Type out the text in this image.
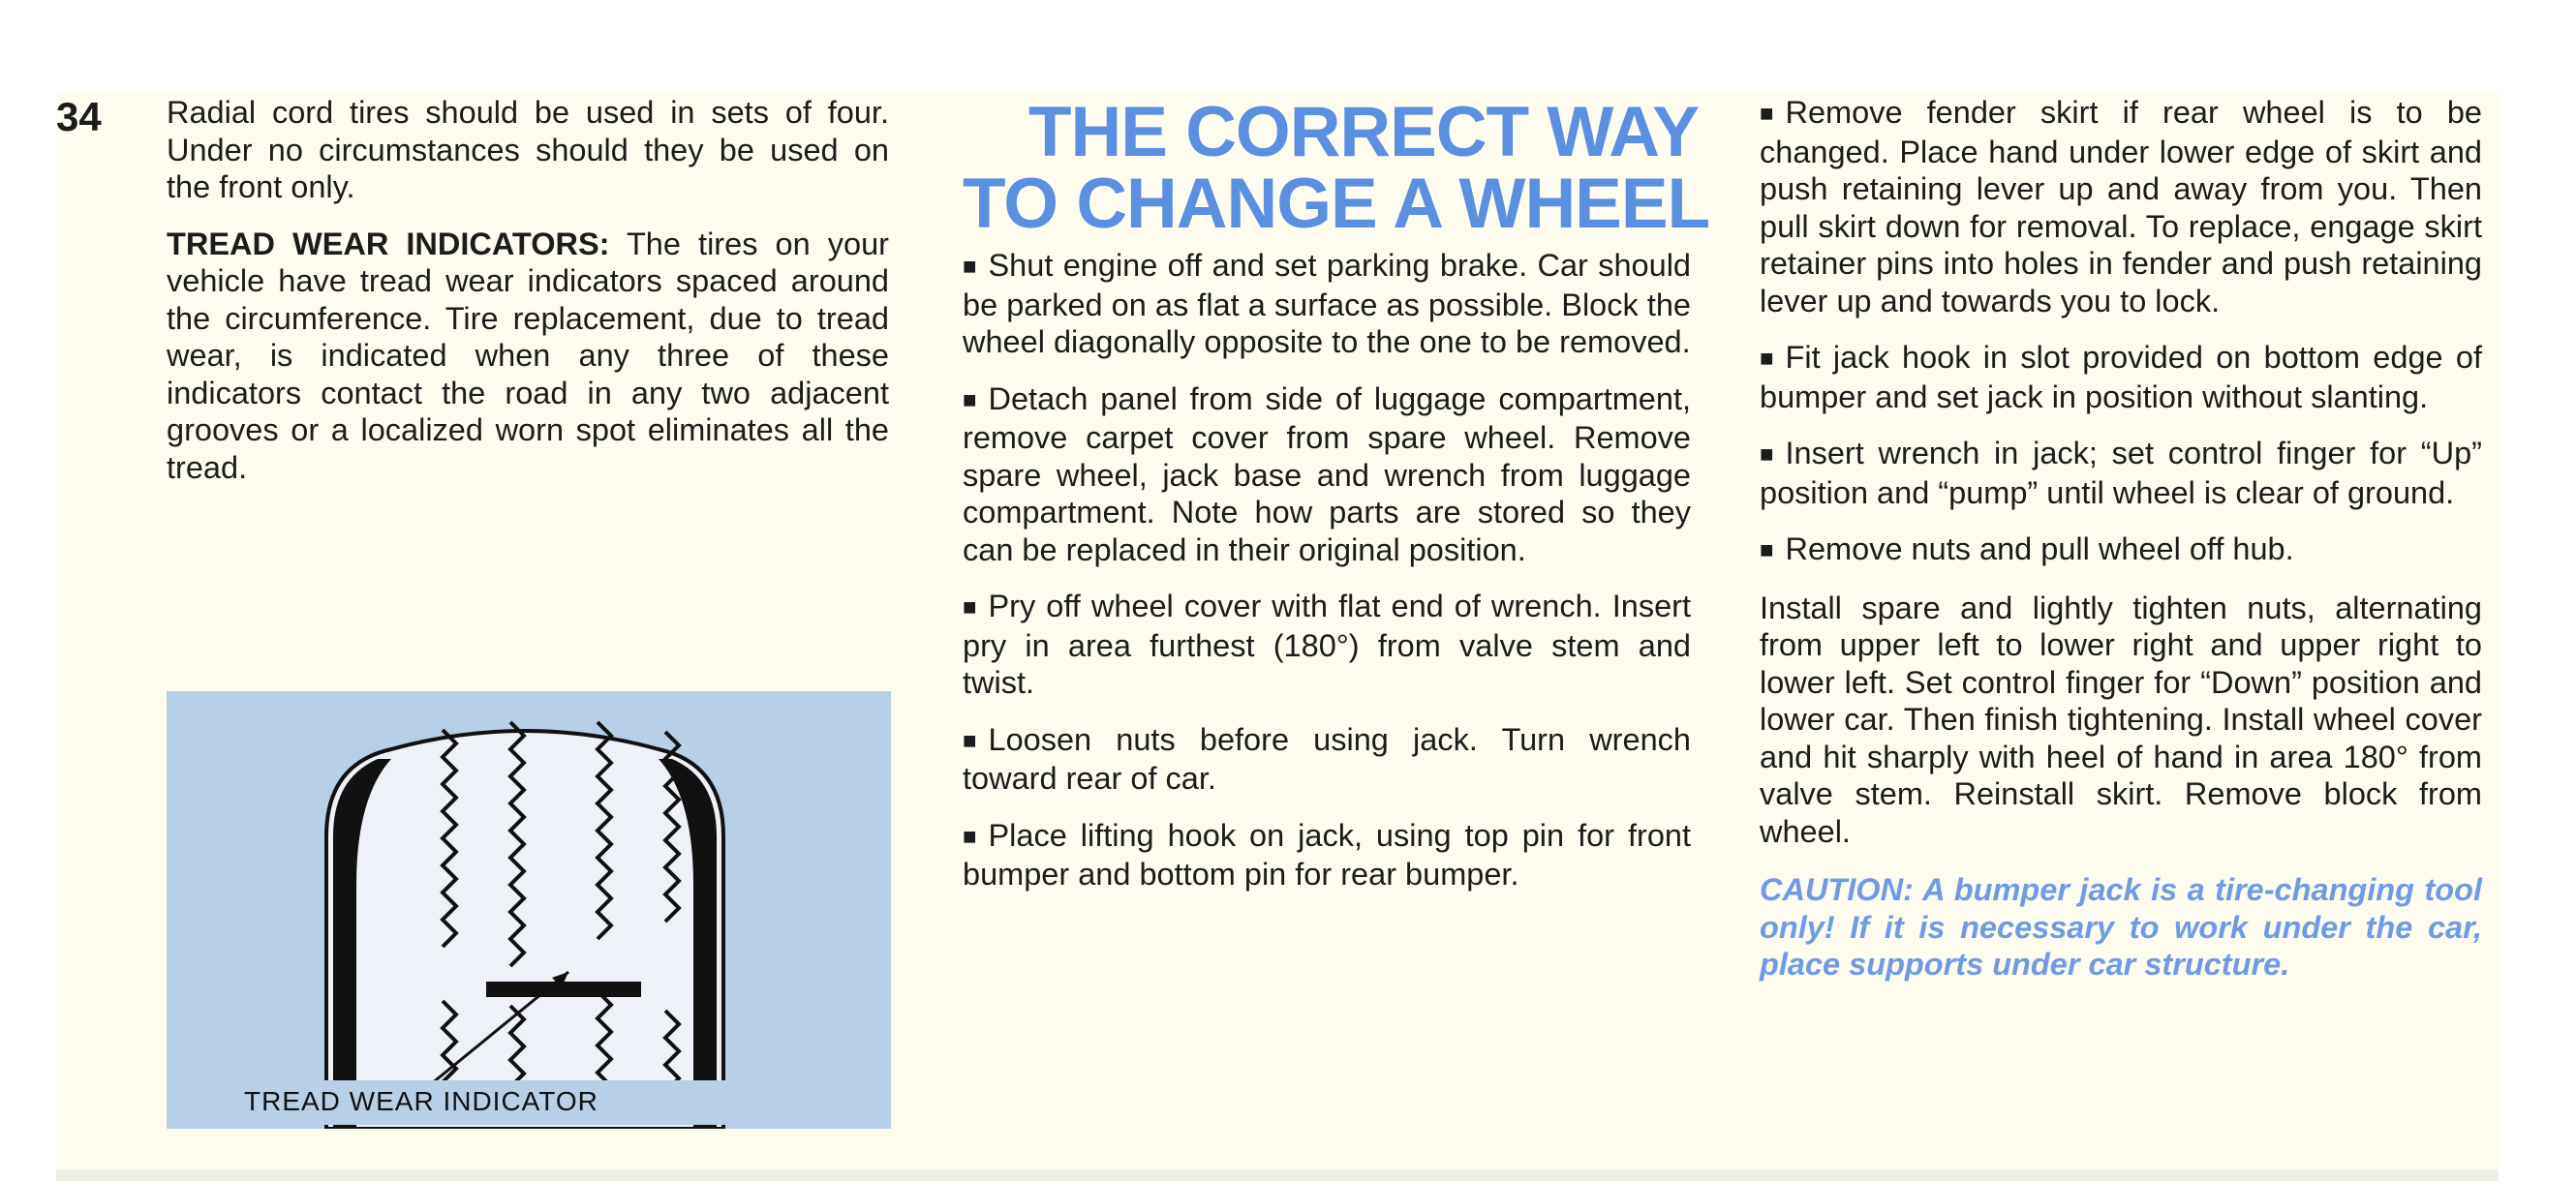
34 Radial cord tires should be used in sets of four. Under no circumstances should they be used on the front only.

TREAD WEAR INDICATORS: The tires on your vehicle have tread wear indicators spaced around the circumference. Tire replacement, due to tread wear, is indicated when any three of these indicators contact the road in any two adjacent grooves or a localized worn spot eliminates all the tread.

TREAD WEAR INDICATOR
THE CORRECT WAY
TO CHANGE A WHEEL

■ Shut engine off and set parking brake. Car should be parked on as flat a surface as possible. Block the wheel diagonally opposite to the one to be removed.

■ Detach panel from side of luggage compartment, remove carpet cover from spare wheel. Remove spare wheel, jack base and wrench from luggage compartment. Note how parts are stored so they can be replaced in their original position.

■ Pry off wheel cover with flat end of wrench. Insert pry in area furthest (180°) from valve stem and twist.

■ Loosen nuts before using jack. Turn wrench toward rear of car.

■ Place lifting hook on jack, using top pin for front bumper and bottom pin for rear bumper.

■ Remove fender skirt if rear wheel is to be changed. Place hand under lower edge of skirt and push retaining lever up and away from you. Then pull skirt down for removal. To replace, engage skirt retainer pins into holes in fender and push retaining lever up and towards you to lock.

■ Fit jack hook in slot provided on bottom edge of bumper and set jack in position without slanting.

■ Insert wrench in jack; set control finger for “Up” position and “pump” until wheel is clear of ground.

■ Remove nuts and pull wheel off hub.

Install spare and lightly tighten nuts, alternating from upper left to lower right and upper right to lower left. Set control finger for “Down” position and lower car. Then finish tightening. Install wheel cover and hit sharply with heel of hand in area 180° from valve stem. Reinstall skirt. Remove block from wheel.

CAUTION: A bumper jack is a tire-changing tool only! If it is necessary to work under the car, place supports under car structure.
